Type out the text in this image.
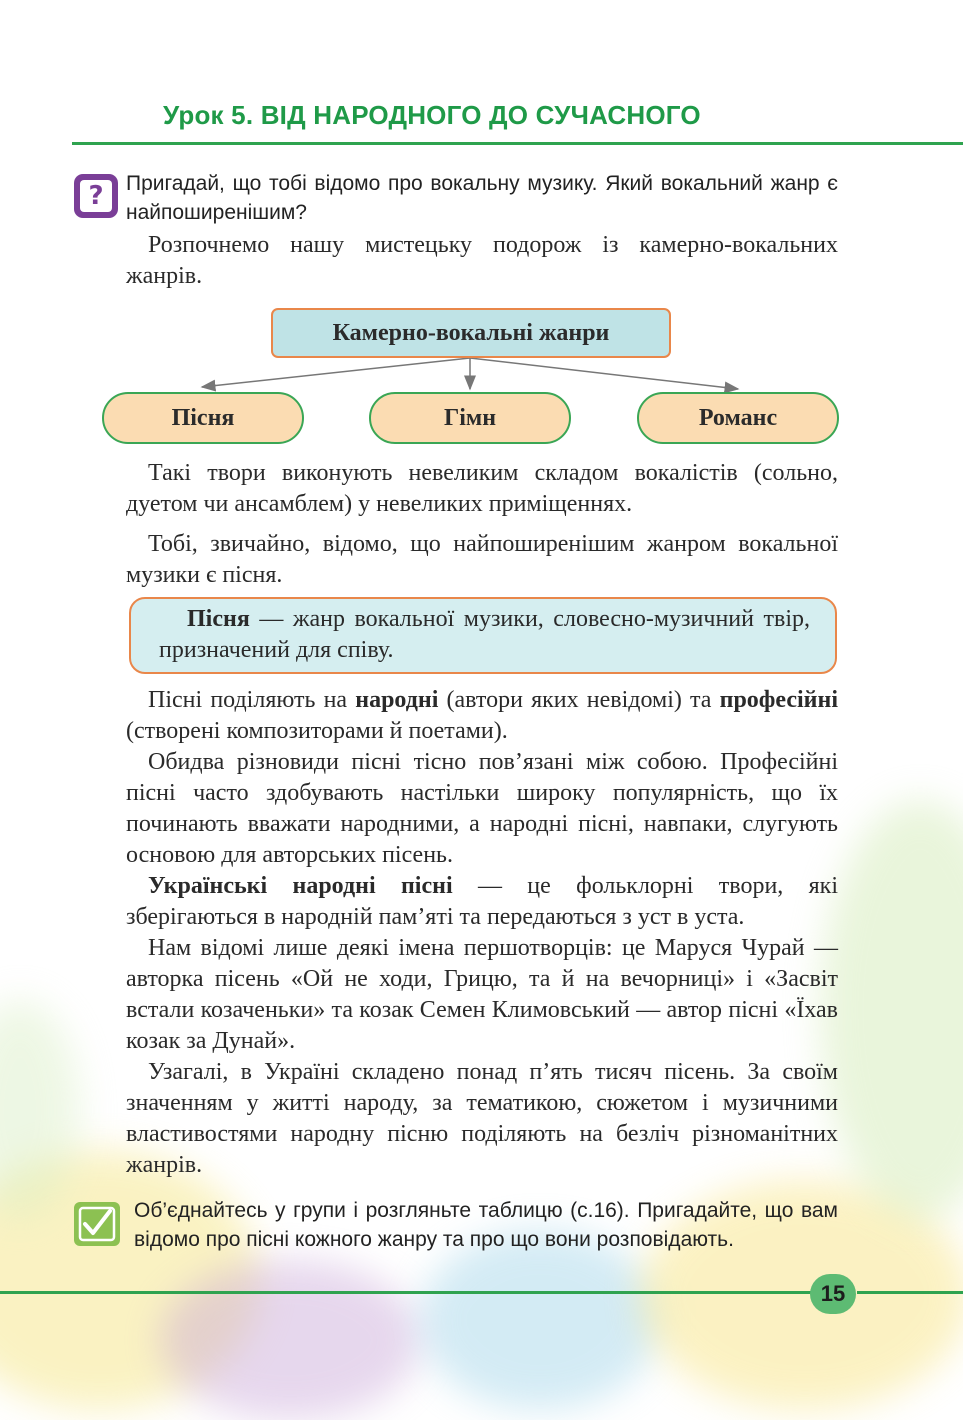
Урок 5. ВІД НАРОДНОГО ДО СУЧАСНОГО
?	Пригадай, що тобі відомо про вокальну музику. Який вокальний жанр є найпоширенішим?
Розпочнемо нашу мистецьку подорож із камерно-вокальних жанрів.
Камерно-вокальні жанри
Пісня	Гімн	Романс
Такі твори виконують невеликим складом вокалістів (сольно, дуетом чи ансамблем) у невеликих приміщеннях.
Тобі, звичайно, відомо, що найпоширенішим жанром вокальної музики є пісня.
Пісня — жанр вокальної музики, словесно-музичний твір, призначений для співу.
Пісні поділяють на народні (автори яких невідомі) та професійні (створені композиторами й поетами).
Обидва різновиди пісні тісно пов’язані між собою. Професійні пісні часто здобувають настільки широку популярність, що їх починають вважати народними, а народні пісні, навпаки, слугують основою для авторських пісень.
Українські народні пісні — це фольклорні твори, які зберігаються в народній пам’яті та передаються з уст в уста.
Нам відомі лише деякі імена першотворців: це Маруся Чурай — авторка пісень «Ой не ходи, Грицю, та й на вечорниці» і «Засвіт встали козаченьки» та козак Семен Климовський — автор пісні «Їхав козак за Дунай».
Узагалі, в Україні складено понад п’ять тисяч пісень. За своїм значенням у житті народу, за тематикою, сюжетом і музичними властивостями народну пісню поділяють на безліч різноманітних жанрів.
Об’єднайтесь у групи і розгляньте таблицю (с.16). Пригадайте, що вам відомо про пісні кожного жанру та про що вони розповідають.
15
